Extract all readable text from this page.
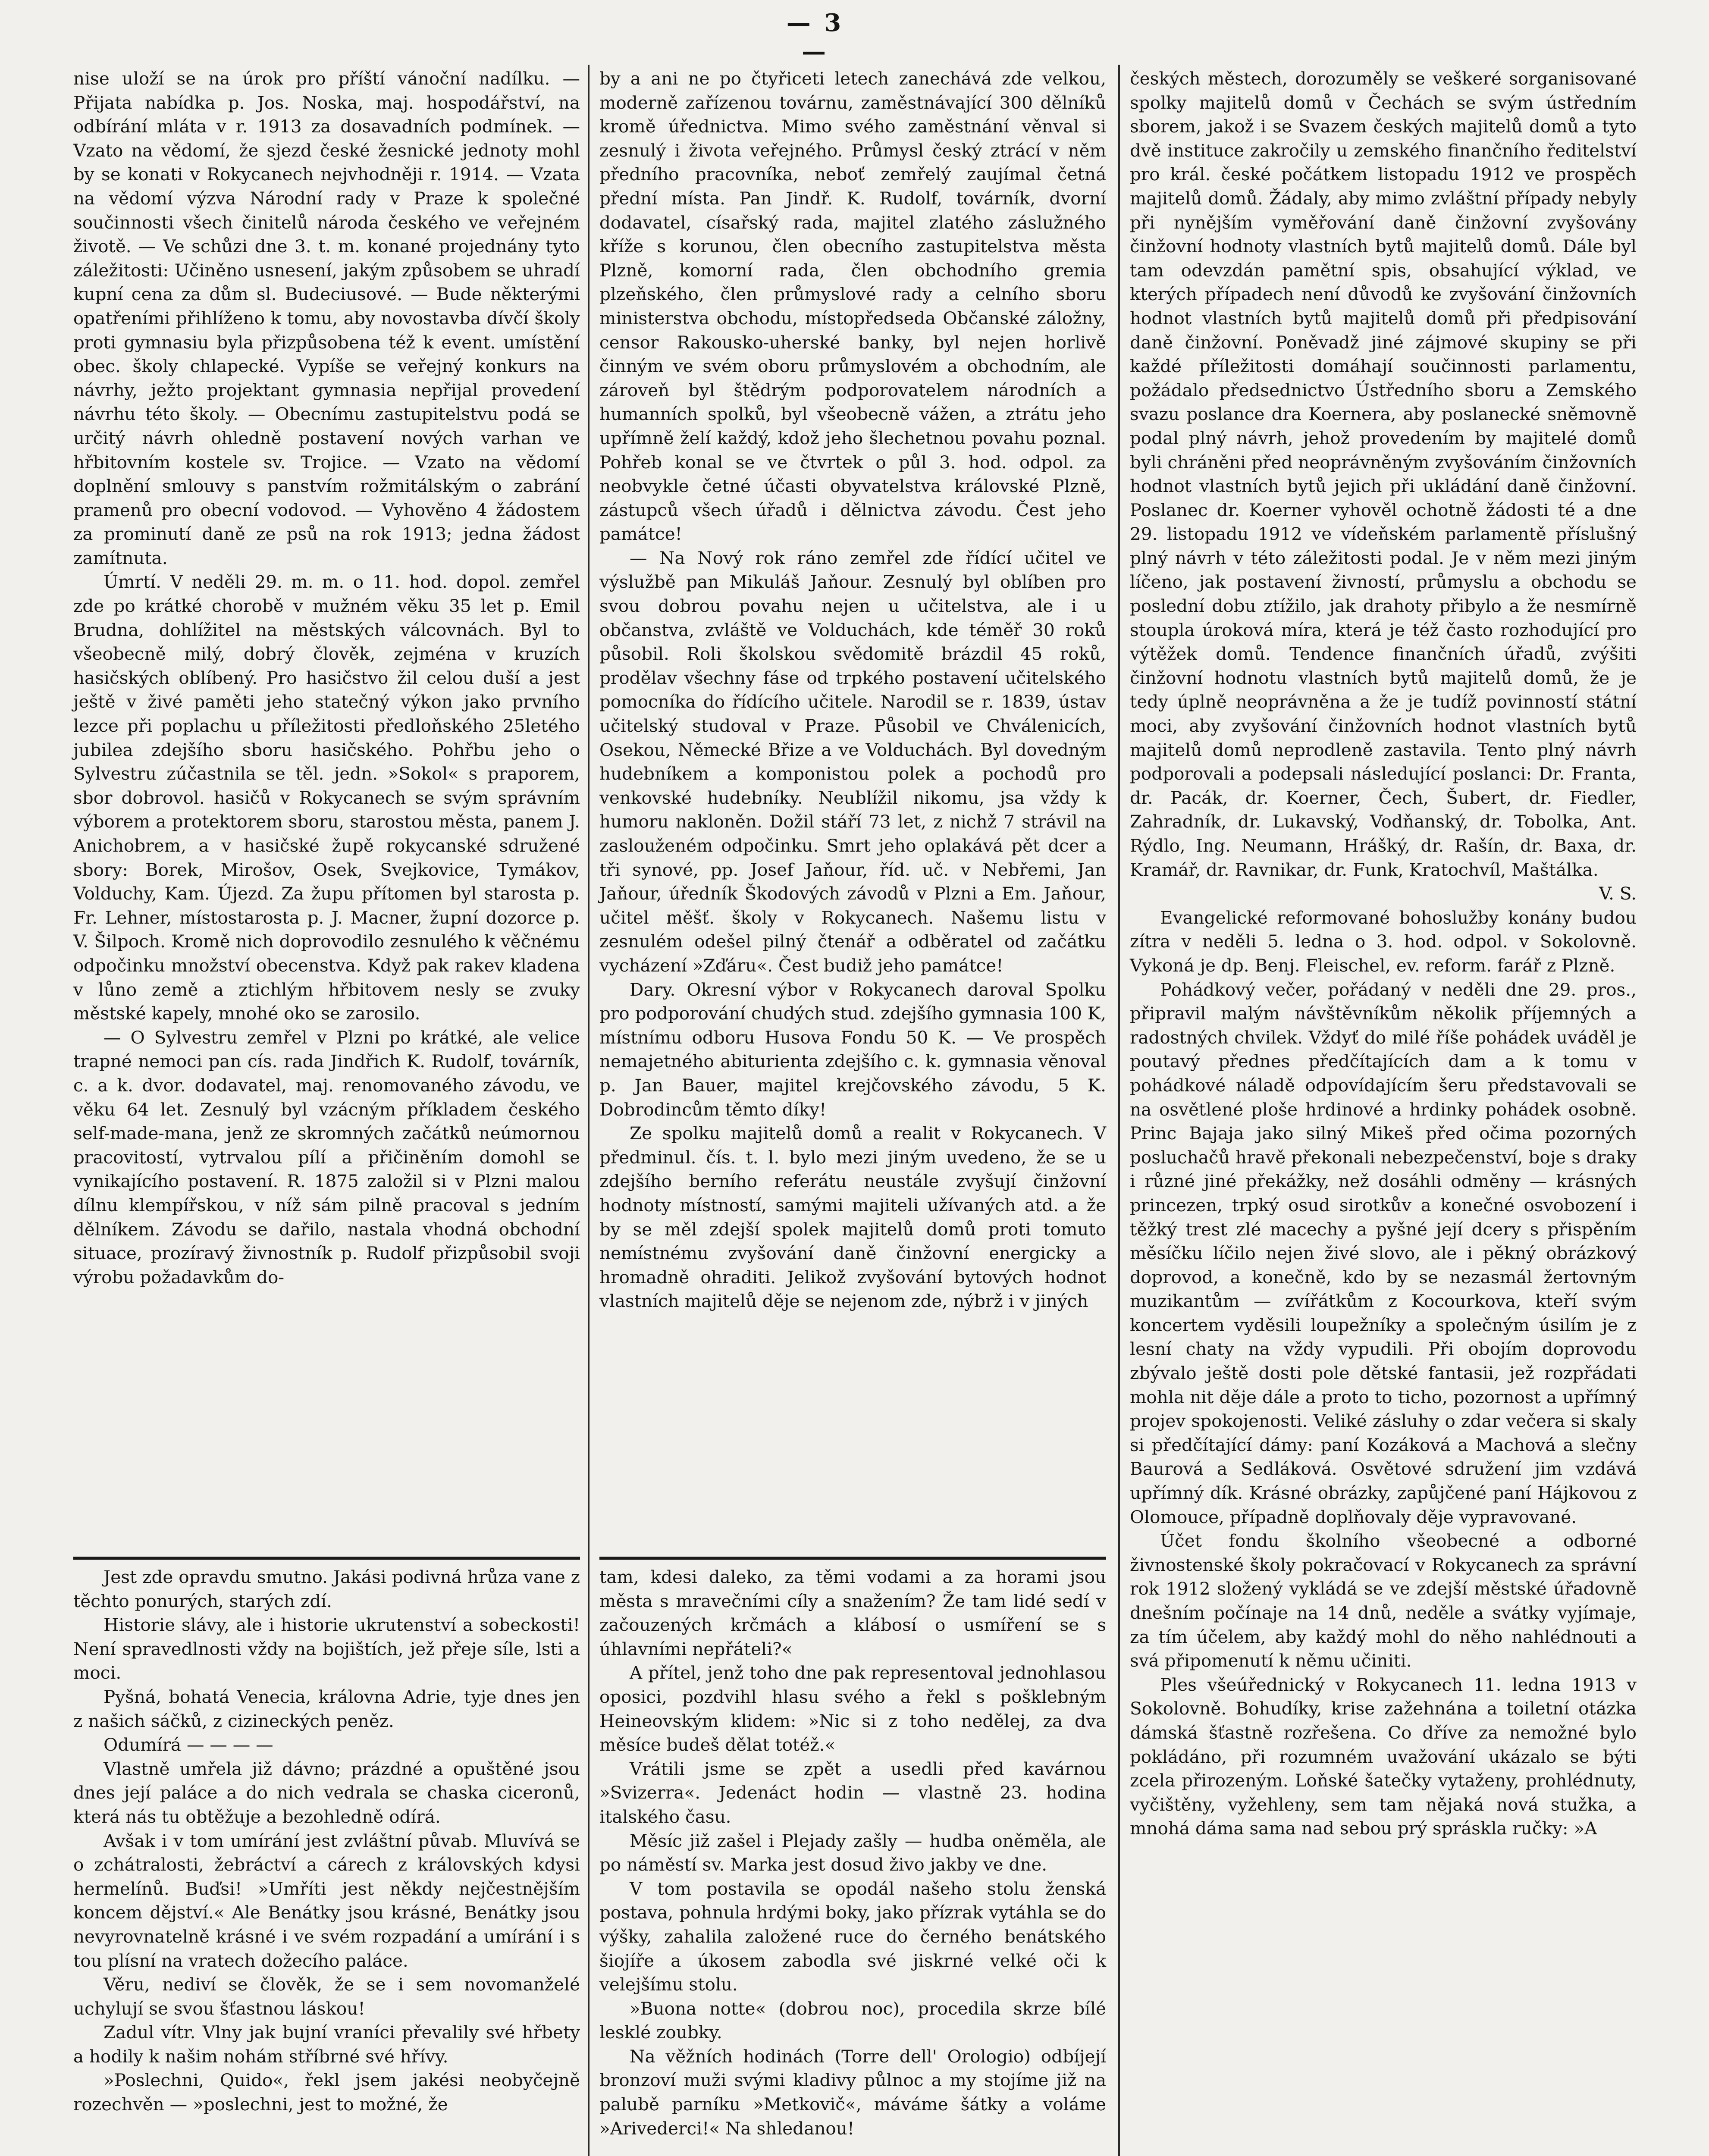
— 3 —

nise uloží se na úrok pro příští vánoční nadílku. — Přijata nabídka p. Jos. Noska, maj. hospodářství, na odbírání mláta v r. 1913 za dosavadních podmínek. — Vzato na vědomí, že sjezd české žesnické jednoty mohl by se konati v Rokycanech nejvhodněji r. 1914. — Vzata na vědomí výzva Národní rady v Praze k společné součinnosti všech činitelů národa českého ve veřejném životě. — Ve schůzi dne 3. t. m. konané projednány tyto záležitosti: Učiněno usnesení, jakým způsobem se uhradí kupní cena za dům sl. Budeciusové. — Bude některými opatřeními přihlíženo k tomu, aby novostavba dívčí školy proti gymnasiu byla přizpůsobena též k event. umístění obec. školy chlapecké. Vypíše se veřejný konkurs na návrhy, ježto projektant gymnasia nepřijal provedení návrhu této školy. — Obecnímu zastupitelstvu podá se určitý návrh ohledně postavení nových varhan ve hřbitovním kostele sv. Trojice. — Vzato na vědomí doplnění smlouvy s panstvím rožmitálským o zabrání pramenů pro obecní vodovod. — Vyhověno 4 žádostem za prominutí daně ze psů na rok 1913; jedna žádost zamítnuta.

Úmrtí. V neděli 29. m. m. o 11. hod. dopol. zemřel zde po krátké chorobě v mužném věku 35 let p. Emil Brudna, dohlížitel na městských válcovnách. Byl to všeobecně milý, dobrý člověk, zejména v kruzích hasičských oblíbený. Pro hasičstvo žil celou duší a jest ještě v živé paměti jeho statečný výkon jako prvního lezce při poplachu u příležitosti předloňského 25letého jubilea zdejšího sboru hasičského. Pohřbu jeho o Sylvestru zúčastnila se těl. jedn. »Sokol« s praporem, sbor dobrovol. hasičů v Rokycanech se svým správním výborem a protektorem sboru, starostou města, panem J. Anichobrem, a v hasičské župě rokycanské sdružené sbory: Borek, Mirošov, Osek, Svejkovice, Tymákov, Volduchy, Kam. Újezd. Za župu přítomen byl starosta p. Fr. Lehner, místostarosta p. J. Macner, župní dozorce p. V. Šilpoch. Kromě nich doprovodilo zesnulého k věčnému odpočinku množství obecenstva. Když pak rakev kladena v lůno země a ztichlým hřbitovem nesly se zvuky městské kapely, mnohé oko se zarosilo.

— O Sylvestru zemřel v Plzni po krátké, ale velice trapné nemoci pan cís. rada Jindřich K. Rudolf, továrník, c. a k. dvor. dodavatel, maj. renomovaného závodu, ve věku 64 let. Zesnulý byl vzácným příkladem českého self-made-mana, jenž ze skromných začátků neúmornou pracovitostí, vytrvalou pílí a přičiněním domohl se vynikajícího postavení. R. 1875 založil si v Plzni malou dílnu klempířskou, v níž sám pilně pracoval s jedním dělníkem. Závodu se dařilo, nastala vhodná obchodní situace, prozíravý živnostník p. Rudolf přizpůsobil svoji výrobu požadavkům do-

by a ani ne po čtyřiceti letech zanechává zde velkou, moderně zařízenou továrnu, zaměstnávající 300 dělníků kromě úřednictva. Mimo svého zaměstnání věnval si zesnulý i života veřejného. Průmysl český ztrácí v něm předního pracovníka, neboť zemřelý zaujímal četná přední místa. Pan Jindř. K. Rudolf, továrník, dvorní dodavatel, císařský rada, majitel zlatého záslužného kříže s korunou, člen obecního zastupitelstva města Plzně, komorní rada, člen obchodního gremia plzeňského, člen průmyslové rady a celního sboru ministerstva obchodu, místopředseda Občanské záložny, censor Rakousko-uherské banky, byl nejen horlivě činným ve svém oboru průmyslovém a obchodním, ale zároveň byl štědrým podporovatelem národních a humanních spolků, byl všeobecně vážen, a ztrátu jeho upřímně želí každý, kdož jeho šlechetnou povahu poznal. Pohřeb konal se ve čtvrtek o půl 3. hod. odpol. za neobvykle četné účasti obyvatelstva královské Plzně, zástupců všech úřadů i dělnictva závodu. Čest jeho památce!

— Na Nový rok ráno zemřel zde řídící učitel ve výslužbě pan Mikuláš Jaňour. Zesnulý byl oblíben pro svou dobrou povahu nejen u učitelstva, ale i u občanstva, zvláště ve Volduchách, kde téměř 30 roků působil. Roli školskou svědomitě brázdil 45 roků, prodělav všechny fáse od trpkého postavení učitelského pomocníka do řídícího učitele. Narodil se r. 1839, ústav učitelský studoval v Praze. Působil ve Chválenicích, Osekou, Německé Břize a ve Volduchách. Byl dovedným hudebníkem a komponistou polek a pochodů pro venkovské hudebníky. Neublížil nikomu, jsa vždy k humoru nakloněn. Dožil stáří 73 let, z nichž 7 strávil na zaslouženém odpočinku. Smrt jeho oplakává pět dcer a tři synové, pp. Josef Jaňour, říd. uč. v Nebřemi, Jan Jaňour, úředník Škodových závodů v Plzni a Em. Jaňour, učitel měšť. školy v Rokycanech. Našemu listu v zesnulém odešel pilný čtenář a odběratel od začátku vycházení »Zďáru«. Čest budiž jeho památce!

Dary. Okresní výbor v Rokycanech daroval Spolku pro podporování chudých stud. zdejšího gymnasia 100 K, místnímu odboru Husova Fondu 50 K. — Ve prospěch nemajetného abiturienta zdejšího c. k. gymnasia věnoval p. Jan Bauer, majitel krejčovského závodu, 5 K. Dobrodincům těmto díky!

Ze spolku majitelů domů a realit v Rokycanech. V předminul. čís. t. l. bylo mezi jiným uvedeno, že se u zdejšího berního referátu neustále zvyšují činžovní hodnoty místností, samými majiteli užívaných atd. a že by se měl zdejší spolek majitelů domů proti tomuto nemístnému zvyšování daně činžovní energicky a hromadně ohraditi. Jelikož zvyšování bytových hodnot vlastních majitelů děje se nejenom zde, nýbrž i v jiných

českých městech, dorozuměly se veškeré sorganisované spolky majitelů domů v Čechách se svým ústředním sborem, jakož i se Svazem českých majitelů domů a tyto dvě instituce zakročily u zemského finančního ředitelství pro král. české počátkem listopadu 1912 ve prospěch majitelů domů. Žádaly, aby mimo zvláštní případy nebyly při nynějším vyměřování daně činžovní zvyšovány činžovní hodnoty vlastních bytů majitelů domů. Dále byl tam odevzdán pamětní spis, obsahující výklad, ve kterých případech není důvodů ke zvyšování činžovních hodnot vlastních bytů majitelů domů při předpisování daně činžovní. Poněvadž jiné zájmové skupiny se při každé příležitosti domáhají součinnosti parlamentu, požádalo předsednictvo Ústředního sboru a Zemského svazu poslance dra Koernera, aby poslanecké sněmovně podal plný návrh, jehož provedením by majitelé domů byli chráněni před neoprávněným zvyšováním činžovních hodnot vlastních bytů jejich při ukládání daně činžovní. Poslanec dr. Koerner vyhověl ochotně žádosti té a dne 29. listopadu 1912 ve vídeňském parlamentě příslušný plný návrh v této záležitosti podal. Je v něm mezi jiným líčeno, jak postavení živností, průmyslu a obchodu se poslední dobu ztížilo, jak drahoty přibylo a že nesmírně stoupla úroková míra, která je též často rozhodující pro výtěžek domů. Tendence finančních úřadů, zvýšiti činžovní hodnotu vlastních bytů majitelů domů, že je tedy úplně neoprávněna a že je tudíž povinností státní moci, aby zvyšování činžovních hodnot vlastních bytů majitelů domů neprodleně zastavila. Tento plný návrh podporovali a podepsali následující poslanci: Dr. Franta, dr. Pacák, dr. Koerner, Čech, Šubert, dr. Fiedler, Zahradník, dr. Lukavský, Vodňanský, dr. Tobolka, Ant. Rýdlo, Ing. Neumann, Hrášký, dr. Rašín, dr. Baxa, dr. Kramář, dr. Ravnikar, dr. Funk, Kratochvíl, Maštálka.

V. S.

Evangelické reformované bohoslužby konány budou zítra v neděli 5. ledna o 3. hod. odpol. v Sokolovně. Vykoná je dp. Benj. Fleischel, ev. reform. farář z Plzně.

Pohádkový večer, pořádaný v neděli dne 29. pros., připravil malým návštěvníkům několik příjemných a radostných chvilek. Vždyť do milé říše pohádek uváděl je poutavý přednes předčítajících dam a k tomu v pohádkové náladě odpovídajícím šeru představovali se na osvětlené ploše hrdinové a hrdinky pohádek osobně. Princ Bajaja jako silný Mikeš před očima pozorných posluchačů hravě překonali nebezpečenství, boje s draky i různé jiné překážky, než dosáhli odměny — krásných princezen, trpký osud sirotkův a konečné osvobození i těžký trest zlé macechy a pyšné její dcery s přispěním měsíčku líčilo nejen živé slovo, ale i pěkný obrázkový doprovod, a konečně, kdo by se nezasmál žertovným muzikantům — zvířátkům z Kocourkova, kteří svým koncertem vyděsili loupežníky a společným úsilím je z lesní chaty na vždy vypudili. Při obojím doprovodu zbývalo ještě dosti pole dětské fantasii, jež rozpřádati mohla nit děje dále a proto to ticho, pozornost a upřímný projev spokojenosti. Veliké zásluhy o zdar večera si skaly si předčítající dámy: paní Kozáková a Machová a slečny Baurová a Sedláková. Osvětové sdružení jim vzdává upřímný dík. Krásné obrázky, zapůjčené paní Hájkovou z Olomouce, případně doplňovaly děje vypravované.

Účet fondu školního všeobecné a odborné živnostenské školy pokračovací v Rokycanech za správní rok 1912 složený vykládá se ve zdejší městské úřadovně dnešním počínaje na 14 dnů, neděle a svátky vyjímaje, za tím účelem, aby každý mohl do něho nahlédnouti a svá připomenutí k němu učiniti.

Ples všeúřednický v Rokycanech 11. ledna 1913 v Sokolovně. Bohudíky, krise zažehnána a toiletní otázka dámská šťastně rozřešena. Co dříve za nemožné bylo pokládáno, při rozumném uvažování ukázalo se býti zcela přirozeným. Loňské šatečky vytaženy, prohlédnuty, vyčištěny, vyžehleny, sem tam nějaká nová stužka, a mnohá dáma sama nad sebou prý spráskla ručky: »A

Jest zde opravdu smutno. Jakási podivná hrůza vane z těchto ponurých, starých zdí.

Historie slávy, ale i historie ukrutenství a sobeckosti! Není spravedlnosti vždy na bojištích, jež přeje síle, lsti a moci.

Pyšná, bohatá Venecia, královna Adrie, tyje dnes jen z našich sáčků, z cizineckých peněz.

Odumírá — — — —

Vlastně umřela již dávno; prázdné a opuštěné jsou dnes její paláce a do nich vedrala se chaska ciceronů, která nás tu obtěžuje a bezohledně odírá.

Avšak i v tom umírání jest zvláštní půvab. Mluvívá se o zchátralosti, žebráctví a cárech z královských kdysi hermelínů. Buďsi! »Umříti jest někdy nejčestnějším koncem dějství.« Ale Benátky jsou krásné, Benátky jsou nevyrovnatelně krásné i ve svém rozpadání a umírání i s tou plísní na vratech dožecího paláce.

Věru, nediví se člověk, že se i sem novomanželé uchylují se svou šťastnou láskou!

Zadul vítr. Vlny jak bujní vraníci převalily své hřbety a hodily k našim nohám stříbrné své hřívy.

»Poslechni, Quido«, řekl jsem jakési neobyčejně rozechvěn — »poslechni, jest to možné, že

tam, kdesi daleko, za těmi vodami a za horami jsou města s mravečními cíly a snažením? Že tam lidé sedí v začouzených krčmách a klábosí o usmíření se s úhlavními nepřáteli?«

A přítel, jenž toho dne pak representoval jednohlasou oposici, pozdvihl hlasu svého a řekl s pošklebným Heineovským klidem: »Nic si z toho nedělej, za dva měsíce budeš dělat totéž.«

Vrátili jsme se zpět a usedli před kavárnou »Svizerra«. Jedenáct hodin — vlastně 23. hodina italského času.

Měsíc již zašel i Plejady zašly — hudba oněměla, ale po náměstí sv. Marka jest dosud živo jakby ve dne.

V tom postavila se opodál našeho stolu ženská postava, pohnula hrdými boky, jako přízrak vytáhla se do výšky, zahalila založené ruce do černého benátského šiojíře a úkosem zabodla své jiskrné velké oči k velejšímu stolu.

»Buona notte« (dobrou noc), procedila skrze bílé lesklé zoubky.

Na věžních hodinách (Torre dell' Orologio) odbíjejí bronzoví muži svými kladivy půlnoc a my stojíme již na palubě parníku »Metkovič«, máváme šátky a voláme »Arivederci!« Na shledanou!
